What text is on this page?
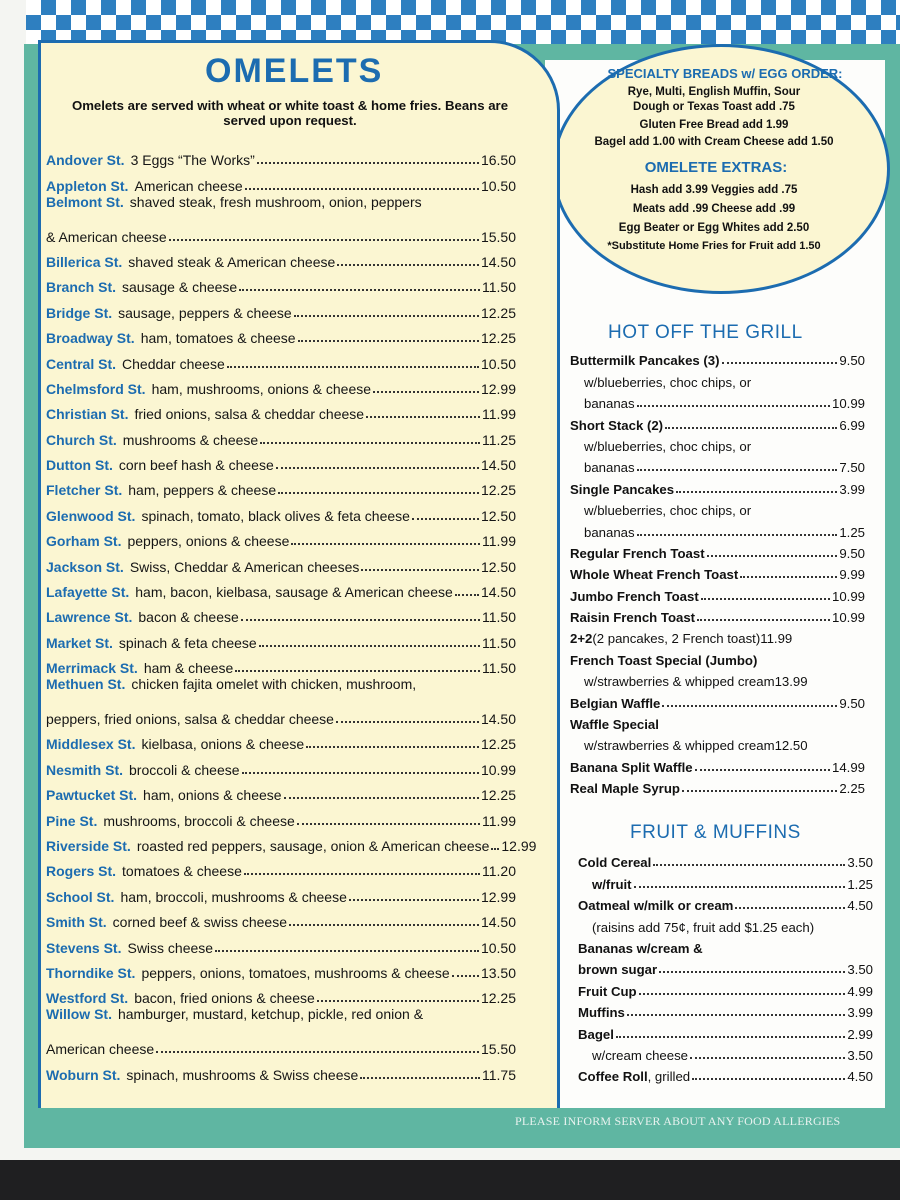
PLEASE INFORM SERVER ABOUT ANY FOOD ALLERGIES
OMELETS
Omelets are served with wheat or white toast & home fries. Beans are served upon request.
Andover St. 3 Eggs “The Works”	16.50
Appleton St. American cheese	10.50
Belmont St. shaved steak, fresh mushroom, onion, peppers
& American cheese	15.50
Billerica St. shaved steak & American cheese	14.50
Branch St. sausage & cheese	11.50
Bridge St. sausage, peppers & cheese	12.25
Broadway St. ham, tomatoes & cheese	12.25
Central St. Cheddar cheese	10.50
Chelmsford St. ham, mushrooms, onions & cheese	12.99
Christian St. fried onions, salsa & cheddar cheese	11.99
Church St. mushrooms & cheese	11.25
Dutton St. corn beef hash & cheese	14.50
Fletcher St. ham, peppers & cheese	12.25
Glenwood St. spinach, tomato, black olives & feta cheese	12.50
Gorham St. peppers, onions & cheese	11.99
Jackson St. Swiss, Cheddar & American cheeses	12.50
Lafayette St. ham, bacon, kielbasa, sausage & American cheese 14.50
Lawrence St. bacon & cheese	11.50
Market St. spinach & feta cheese	11.50
Merrimack St. ham & cheese	11.50
Methuen St. chicken fajita omelet with chicken, mushroom,
peppers, fried onions, salsa & cheddar cheese	14.50
Middlesex St. kielbasa, onions & cheese	12.25
Nesmith St. broccoli & cheese	10.99
Pawtucket St. ham, onions & cheese	12.25
Pine St. mushrooms, broccoli & cheese	11.99
Riverside St. roasted red peppers, sausage, onion & American cheese 12.99
Rogers St. tomatoes & cheese	11.20
School St. ham, broccoli, mushrooms & cheese	12.99
Smith St. corned beef & swiss cheese	14.50
Stevens St. Swiss cheese	10.50
Thorndike St. peppers, onions, tomatoes, mushrooms & cheese 13.50
Westford St. bacon, fried onions & cheese	12.25
Willow St. hamburger, mustard, ketchup, pickle, red onion &
American cheese	15.50
Woburn St. spinach, mushrooms & Swiss cheese	11.75
SPECIALTY BREADS w/ EGG ORDER:
Rye, Multi, English Muffin, Sour
Dough or Texas Toast add .75
Gluten Free Bread add 1.99
Bagel add 1.00 with Cream Cheese add 1.50
OMELETE EXTRAS:
Hash add 3.99 Veggies add .75
Meats add .99 Cheese add .99
Egg Beater or Egg Whites add 2.50
*Substitute Home Fries for Fruit add 1.50
HOT OFF THE GRILL
Buttermilk Pancakes (3)	9.50
w/blueberries, choc chips, or
bananas	10.99
Short Stack (2)	6.99
w/blueberries, choc chips, or
bananas	7.50
Single Pancakes	3.99
w/blueberries, choc chips, or
bananas	1.25
Regular French Toast	9.50
Whole Wheat French Toast	9.99
Jumbo French Toast	10.99
Raisin French Toast	10.99
2+2 (2 pancakes, 2 French toast) 11.99
French Toast Special (Jumbo)
w/strawberries & whipped cream 13.99
Belgian Waffle	9.50
Waffle Special
w/strawberries & whipped cream 12.50
Banana Split Waffle	14.99
Real Maple Syrup	2.25
FRUIT & MUFFINS
Cold Cereal	3.50
w/fruit	1.25
Oatmeal w/milk or cream	4.50
(raisins add 75¢, fruit add $1.25 each)
Bananas w/cream &
brown sugar	3.50
Fruit Cup	4.99
Muffins	3.99
Bagel	2.99
w/cream cheese	3.50
Coffee Roll , grilled	4.50
